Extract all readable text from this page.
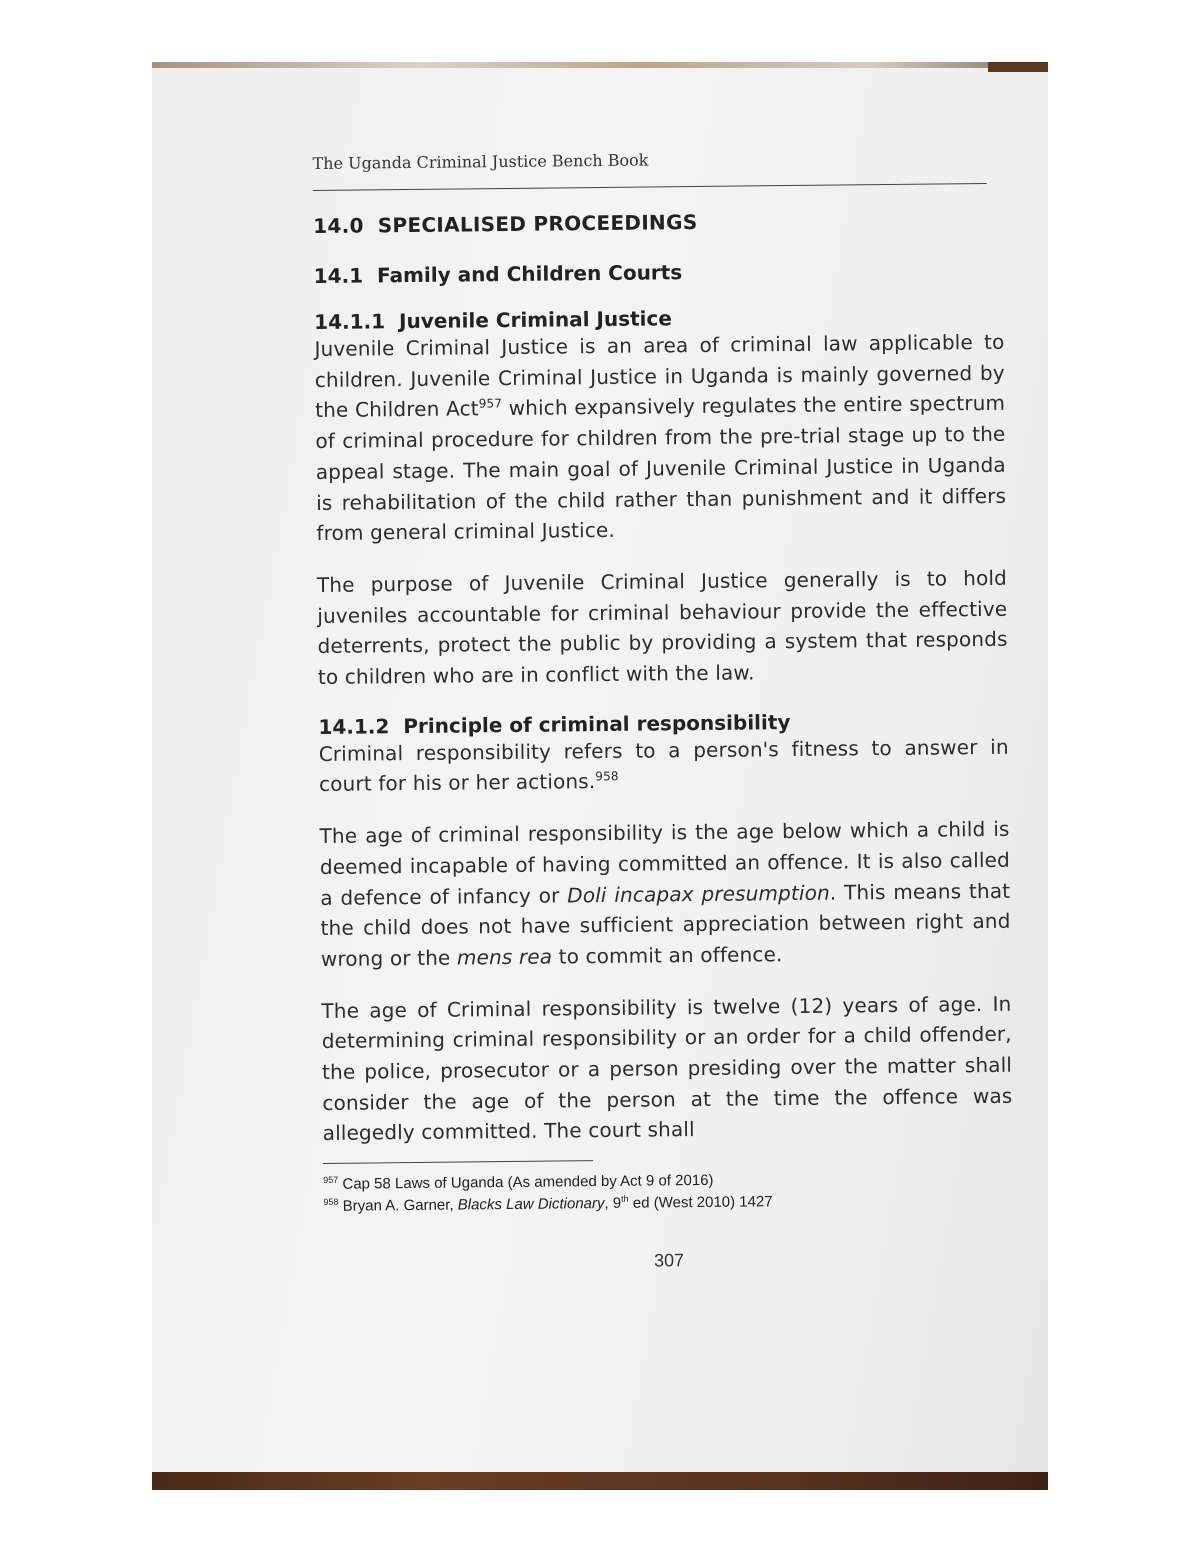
The Uganda Criminal Justice Bench Book

14.0 SPECIALISED PROCEEDINGS
14.1 Family and Children Courts
14.1.1 Juvenile Criminal Justice

Juvenile Criminal Justice is an area of criminal law applicable to children. Juvenile Criminal Justice in Uganda is mainly governed by the Children Act$^{957}$ which expansively regulates the entire spectrum of criminal procedure for children from the pre-trial stage up to the appeal stage. The main goal of Juvenile Criminal Justice in Uganda is rehabilitation of the child rather than punishment and it differs from general criminal Justice.

The purpose of Juvenile Criminal Justice generally is to hold juveniles accountable for criminal behaviour provide the effective deterrents, protect the public by providing a system that responds to children who are in conflict with the law.

14.1.2 Principle of criminal responsibility

Criminal responsibility refers to a person's fitness to answer in court for his or her actions.$^{958}$

The age of criminal responsibility is the age below which a child is deemed incapable of having committed an offence. It is also called a defence of infancy or Doli incapax presumption. This means that the child does not have sufficient appreciation between right and wrong or the mens rea to commit an offence.

The age of Criminal responsibility is twelve (12) years of age. In determining criminal responsibility or an order for a child offender, the police, prosecutor or a person presiding over the matter shall consider the age of the person at the time the offence was allegedly committed. The court shall

$^{957}$ Cap 58 Laws of Uganda (As amended by Act 9 of 2016)
$^{958}$ Bryan A. Garner, Blacks Law Dictionary, 9th ed (West 2010) 1427
307
